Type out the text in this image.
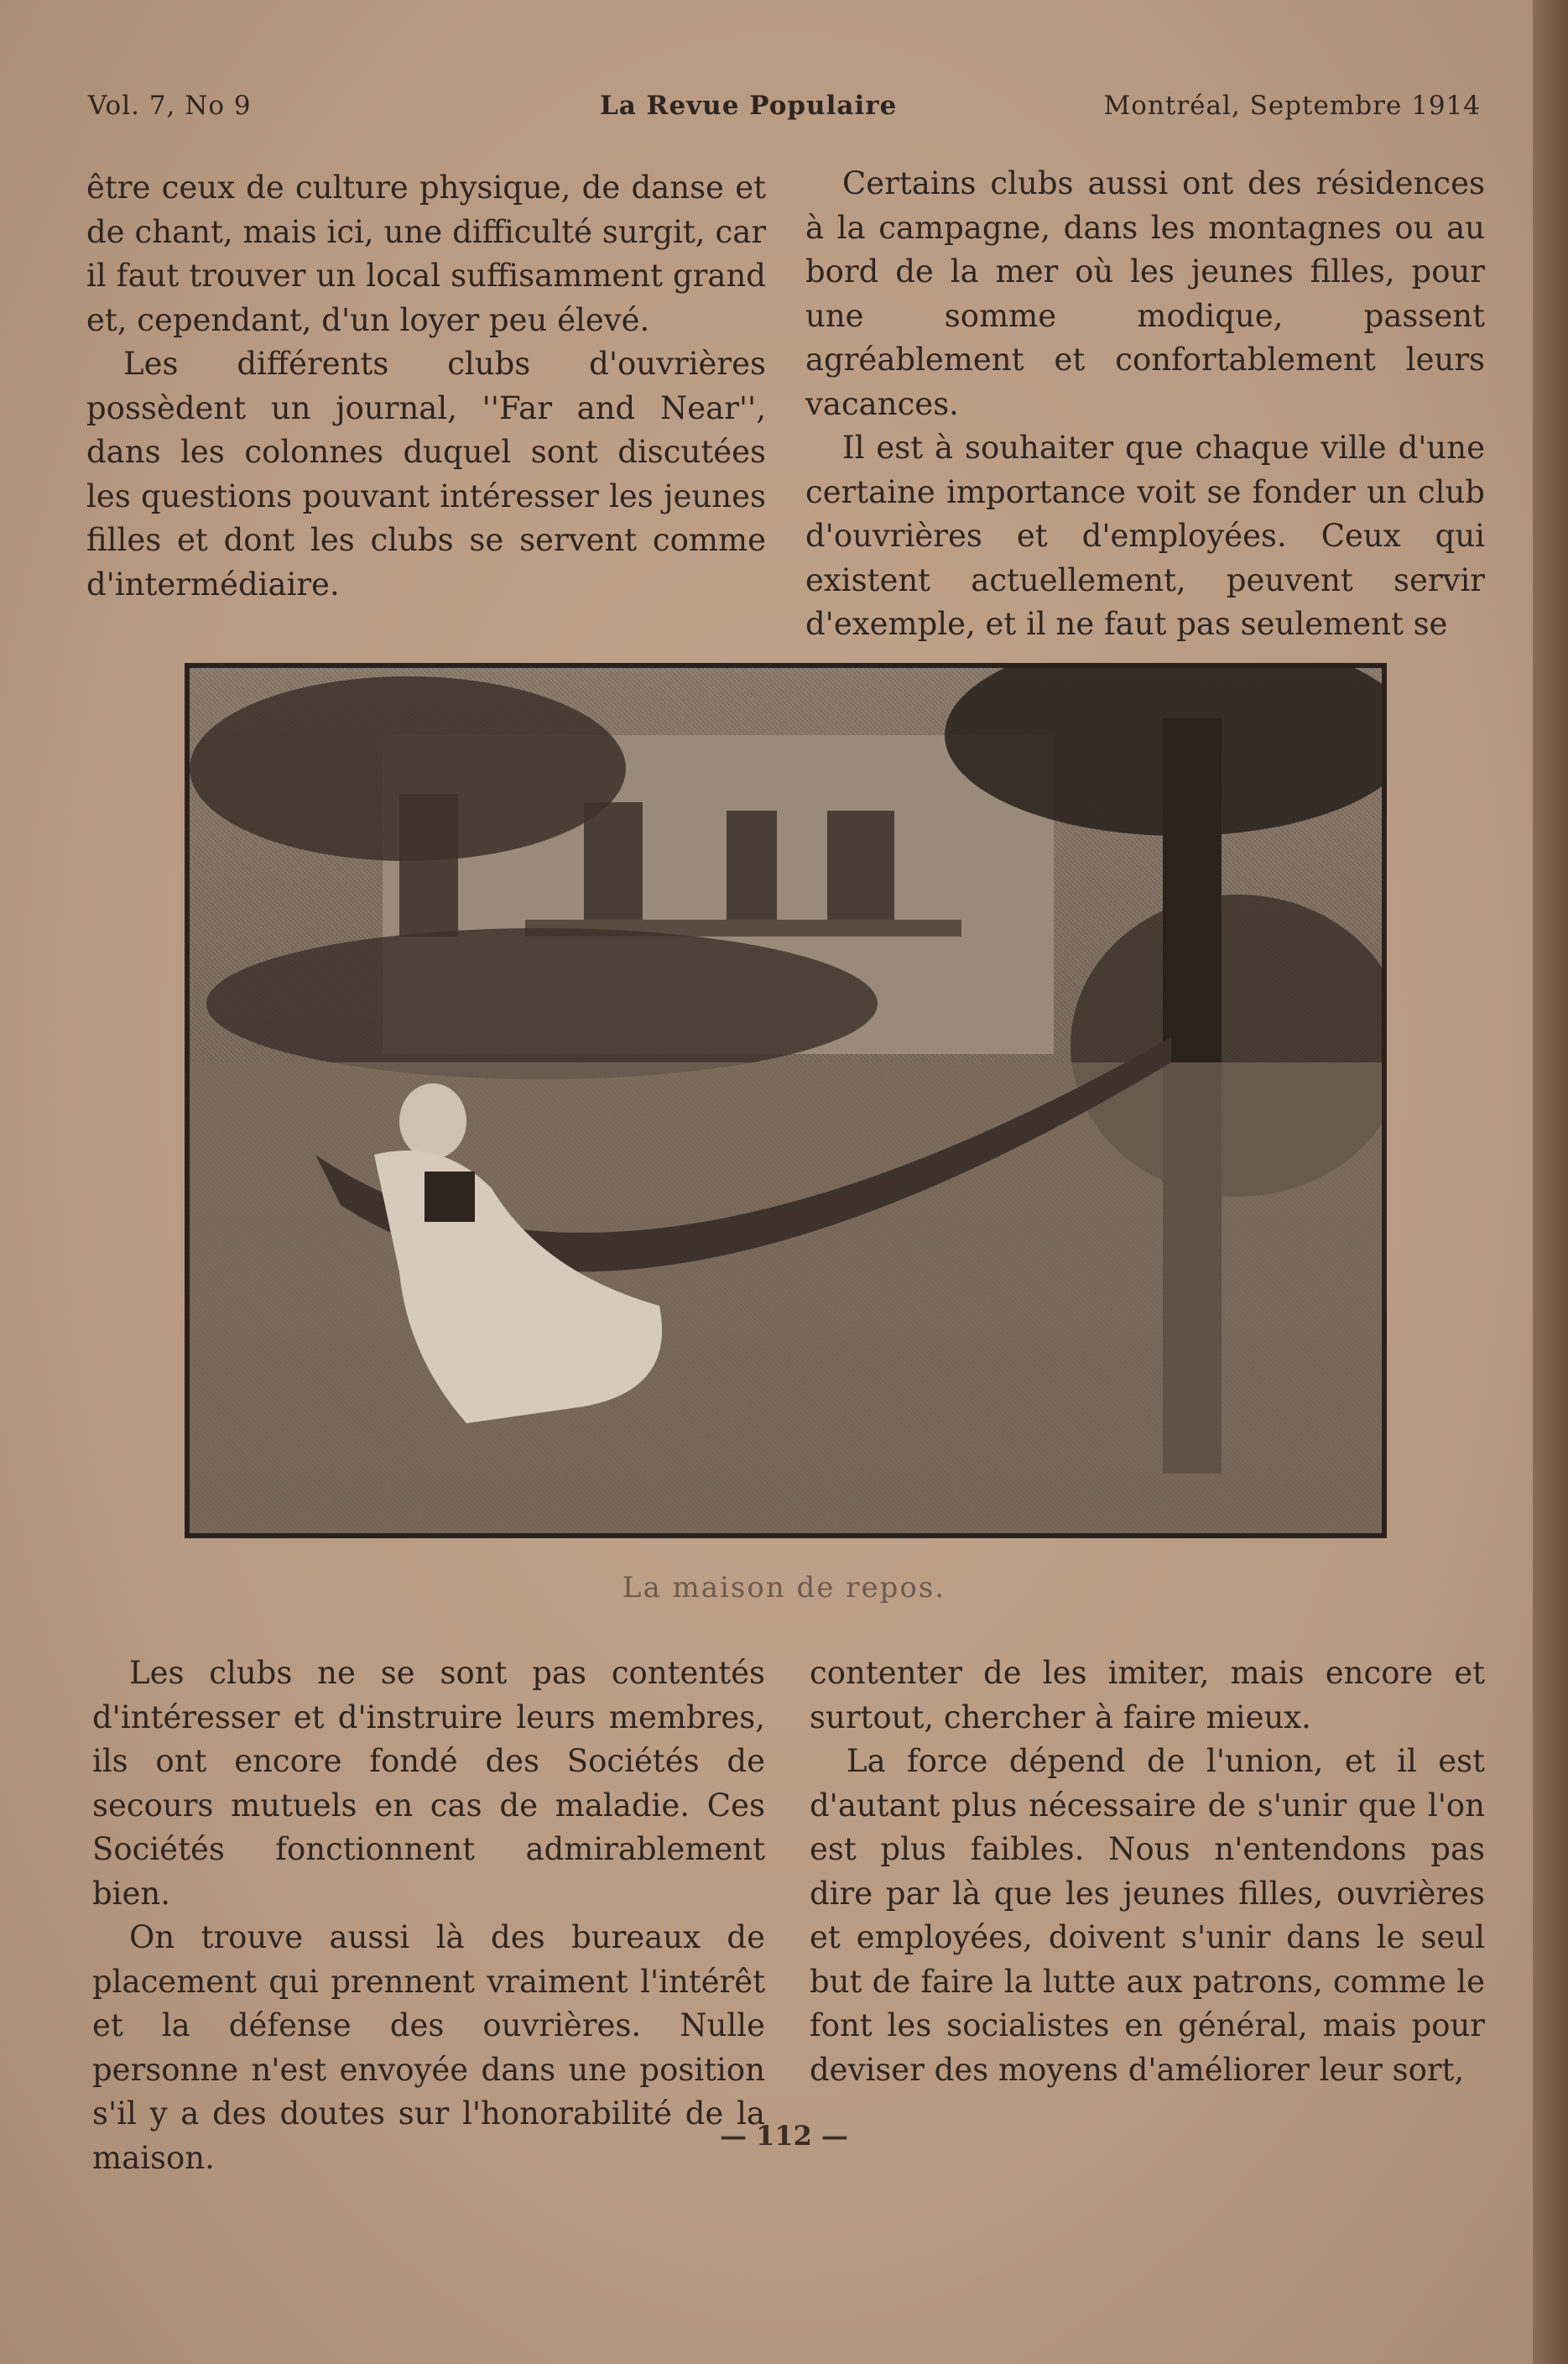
Vol. 7, No 9	La Revue Populaire	Montréal, Septembre 1914

être ceux de culture physique, de danse et de chant, mais ici, une difficulté surgit, car il faut trouver un local suffisamment grand et, cependant, d'un loyer peu élevé.

Les différents clubs d'ouvrières possèdent un journal, ''Far and Near'', dans les colonnes duquel sont discutées les questions pouvant intéresser les jeunes filles et dont les clubs se servent comme d'intermédiaire.

Certains clubs aussi ont des résidences à la campagne, dans les montagnes ou au bord de la mer où les jeunes filles, pour une somme modique, passent agréablement et confortablement leurs vacances.

Il est à souhaiter que chaque ville d'une certaine importance voit se fonder un club d'ouvrières et d'employées. Ceux qui existent actuellement, peuvent servir d'exemple, et il ne faut pas seulement se

La maison de repos.

Les clubs ne se sont pas contentés d'intéresser et d'instruire leurs membres, ils ont encore fondé des Sociétés de secours mutuels en cas de maladie. Ces Sociétés fonctionnent admirablement bien.

On trouve aussi là des bureaux de placement qui prennent vraiment l'intérêt et la défense des ouvrières. Nulle personne n'est envoyée dans une position s'il y a des doutes sur l'honorabilité de la maison.

contenter de les imiter, mais encore et surtout, chercher à faire mieux.

La force dépend de l'union, et il est d'autant plus nécessaire de s'unir que l'on est plus faibles. Nous n'entendons pas dire par là que les jeunes filles, ouvrières et employées, doivent s'unir dans le seul but de faire la lutte aux patrons, comme le font les socialistes en général, mais pour deviser des moyens d'améliorer leur sort,

— 112 —
